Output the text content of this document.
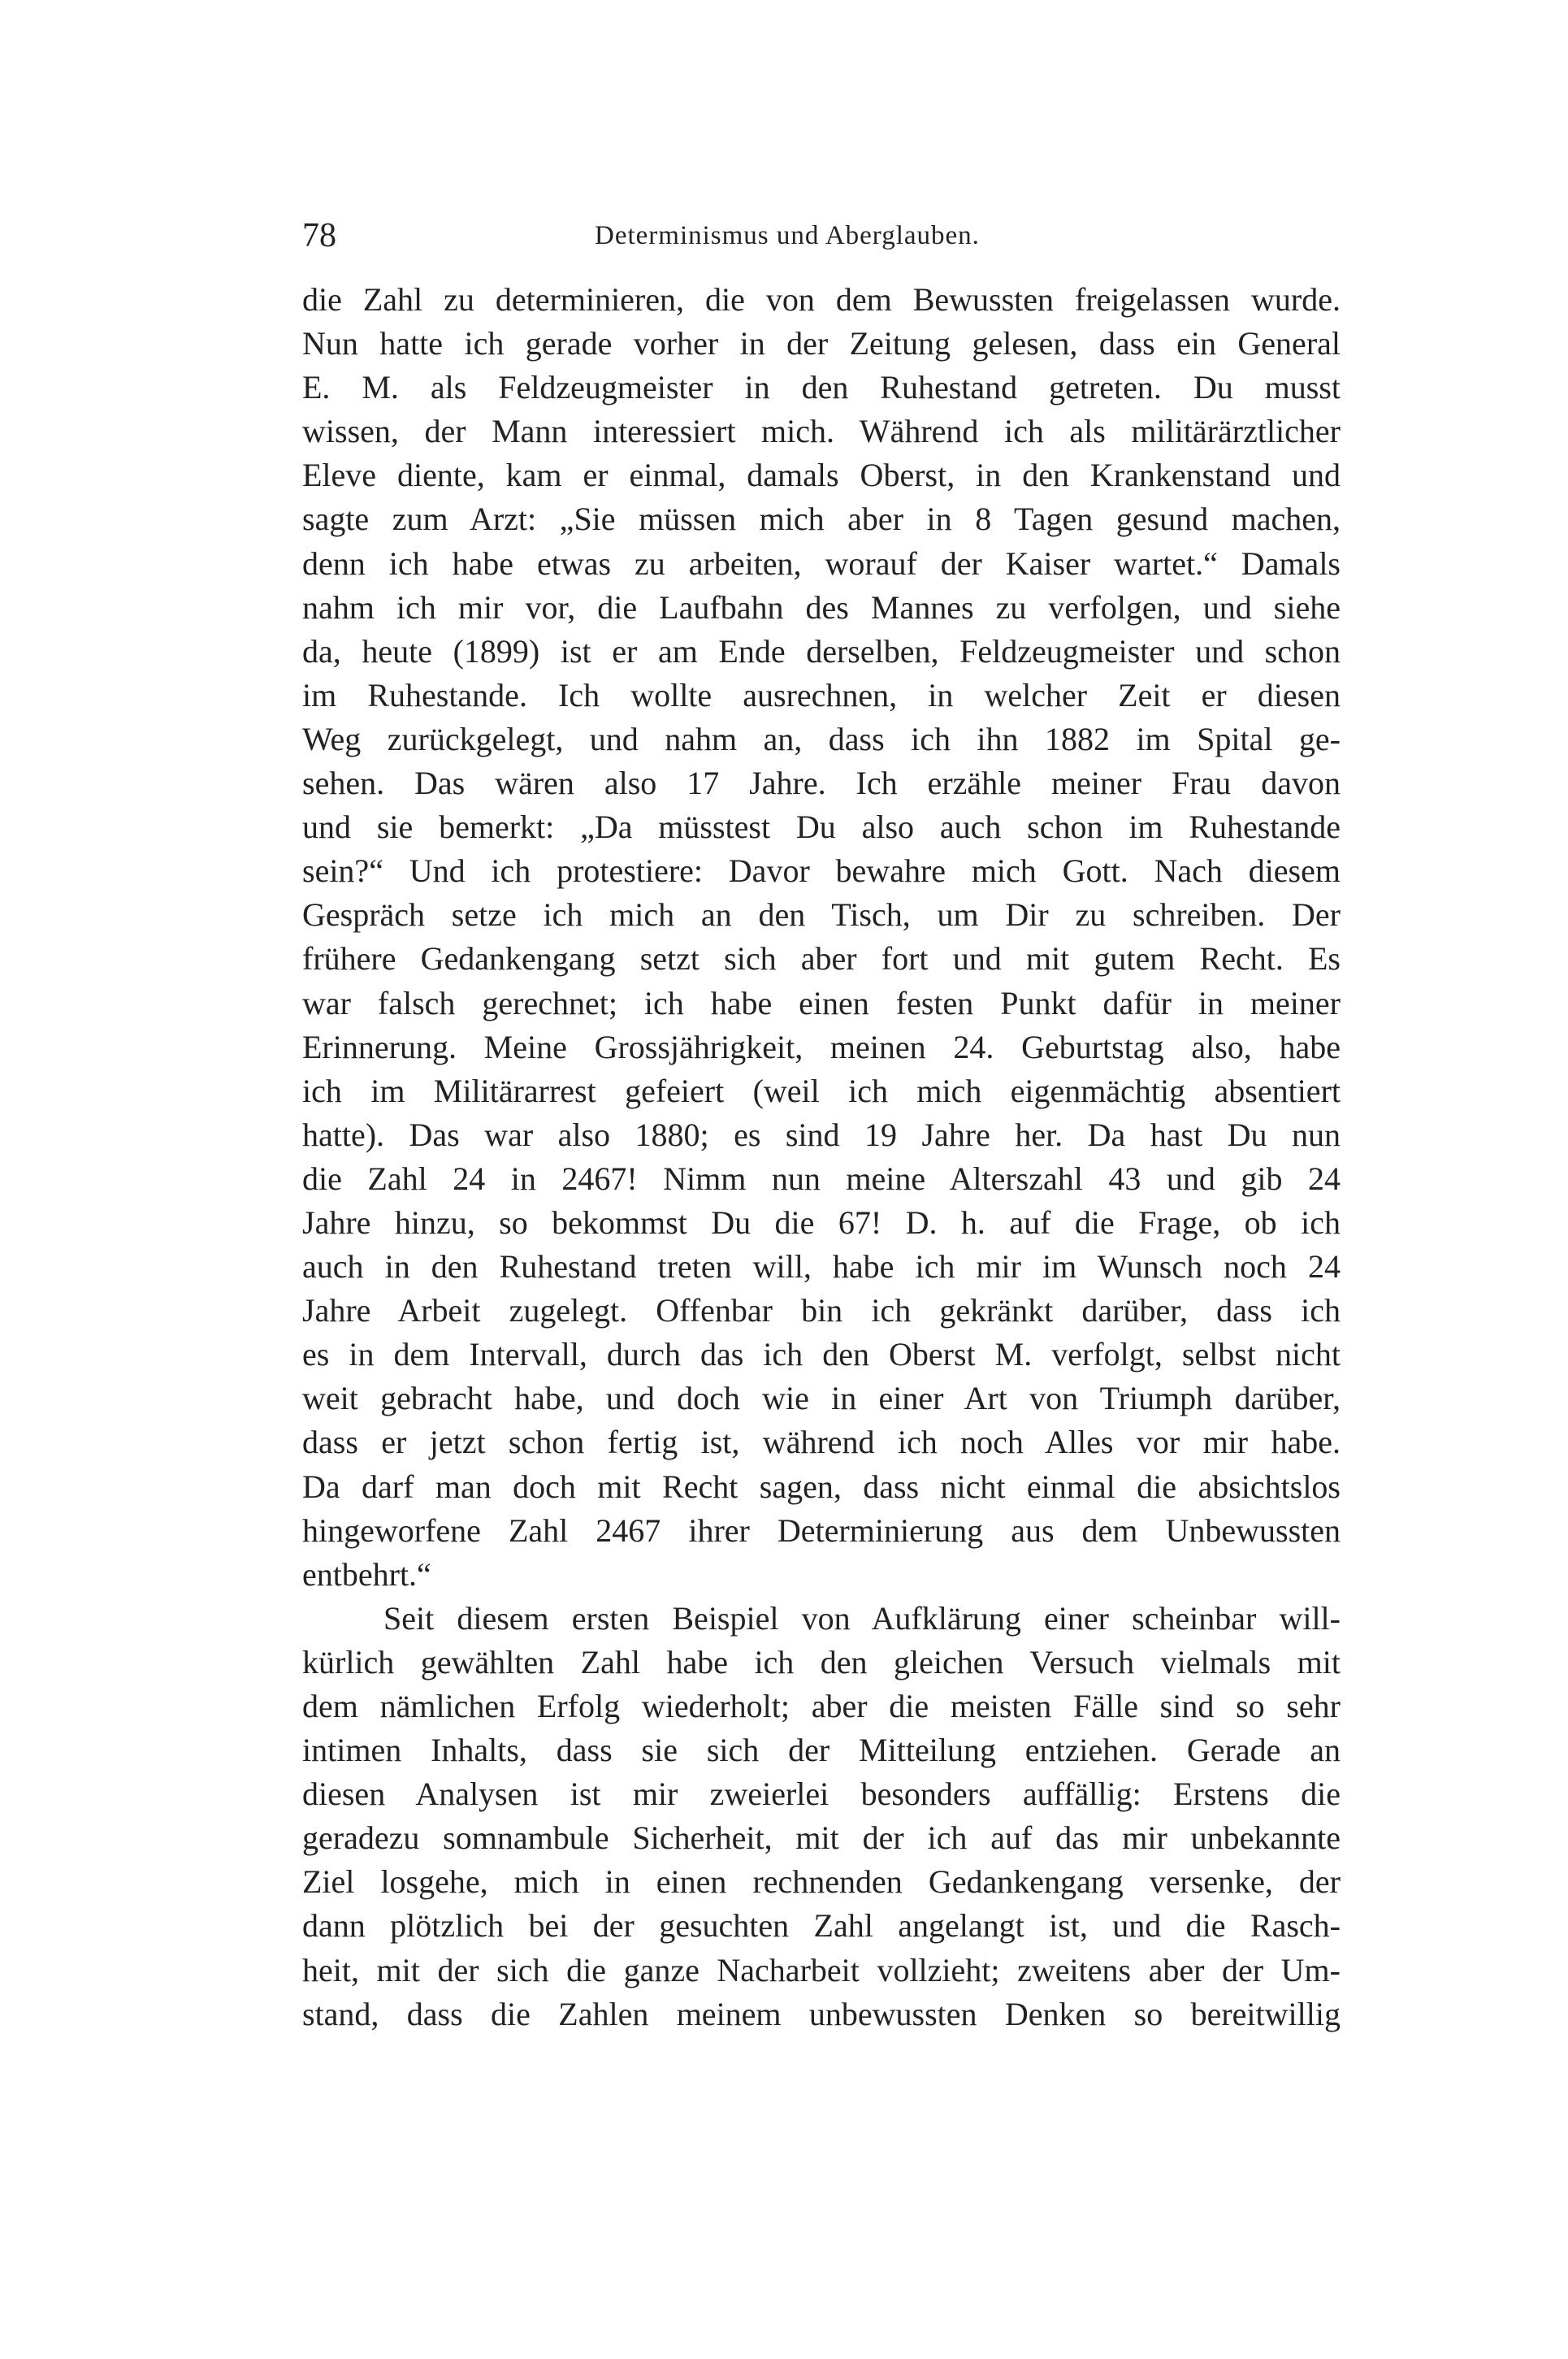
78	Determinismus und Aberglauben.
die Zahl zu determinieren, die von dem Bewussten freigelassen wurde.
Nun hatte ich gerade vorher in der Zeitung gelesen, dass ein General
E. M. als Feldzeugmeister in den Ruhestand getreten. Du musst
wissen, der Mann interessiert mich. Während ich als militärärztlicher
Eleve diente, kam er einmal, damals Oberst, in den Krankenstand und
sagte zum Arzt: „Sie müssen mich aber in 8 Tagen gesund machen,
denn ich habe etwas zu arbeiten, worauf der Kaiser wartet.“ Damals
nahm ich mir vor, die Laufbahn des Mannes zu verfolgen, und siehe
da, heute (1899) ist er am Ende derselben, Feldzeugmeister und schon
im Ruhestande. Ich wollte ausrechnen, in welcher Zeit er diesen
Weg zurückgelegt, und nahm an, dass ich ihn 1882 im Spital ge-
sehen. Das wären also 17 Jahre. Ich erzähle meiner Frau davon
und sie bemerkt: „Da müsstest Du also auch schon im Ruhestande
sein?“ Und ich protestiere: Davor bewahre mich Gott. Nach diesem
Gespräch setze ich mich an den Tisch, um Dir zu schreiben. Der
frühere Gedankengang setzt sich aber fort und mit gutem Recht. Es
war falsch gerechnet; ich habe einen festen Punkt dafür in meiner
Erinnerung. Meine Grossjährigkeit, meinen 24. Geburtstag also, habe
ich im Militärarrest gefeiert (weil ich mich eigenmächtig absentiert
hatte). Das war also 1880; es sind 19 Jahre her. Da hast Du nun
die Zahl 24 in 2467! Nimm nun meine Alterszahl 43 und gib 24
Jahre hinzu, so bekommst Du die 67! D. h. auf die Frage, ob ich
auch in den Ruhestand treten will, habe ich mir im Wunsch noch 24
Jahre Arbeit zugelegt. Offenbar bin ich gekränkt darüber, dass ich
es in dem Intervall, durch das ich den Oberst M. verfolgt, selbst nicht
weit gebracht habe, und doch wie in einer Art von Triumph darüber,
dass er jetzt schon fertig ist, während ich noch Alles vor mir habe.
Da darf man doch mit Recht sagen, dass nicht einmal die absichtslos
hingeworfene Zahl 2467 ihrer Determinierung aus dem Unbewussten
entbehrt.“
Seit diesem ersten Beispiel von Aufklärung einer scheinbar will-
kürlich gewählten Zahl habe ich den gleichen Versuch vielmals mit
dem nämlichen Erfolg wiederholt; aber die meisten Fälle sind so sehr
intimen Inhalts, dass sie sich der Mitteilung entziehen. Gerade an
diesen Analysen ist mir zweierlei besonders auffällig: Erstens die
geradezu somnambule Sicherheit, mit der ich auf das mir unbekannte
Ziel losgehe, mich in einen rechnenden Gedankengang versenke, der
dann plötzlich bei der gesuchten Zahl angelangt ist, und die Rasch-
heit, mit der sich die ganze Nacharbeit vollzieht; zweitens aber der Um-
stand, dass die Zahlen meinem unbewussten Denken so bereitwillig
